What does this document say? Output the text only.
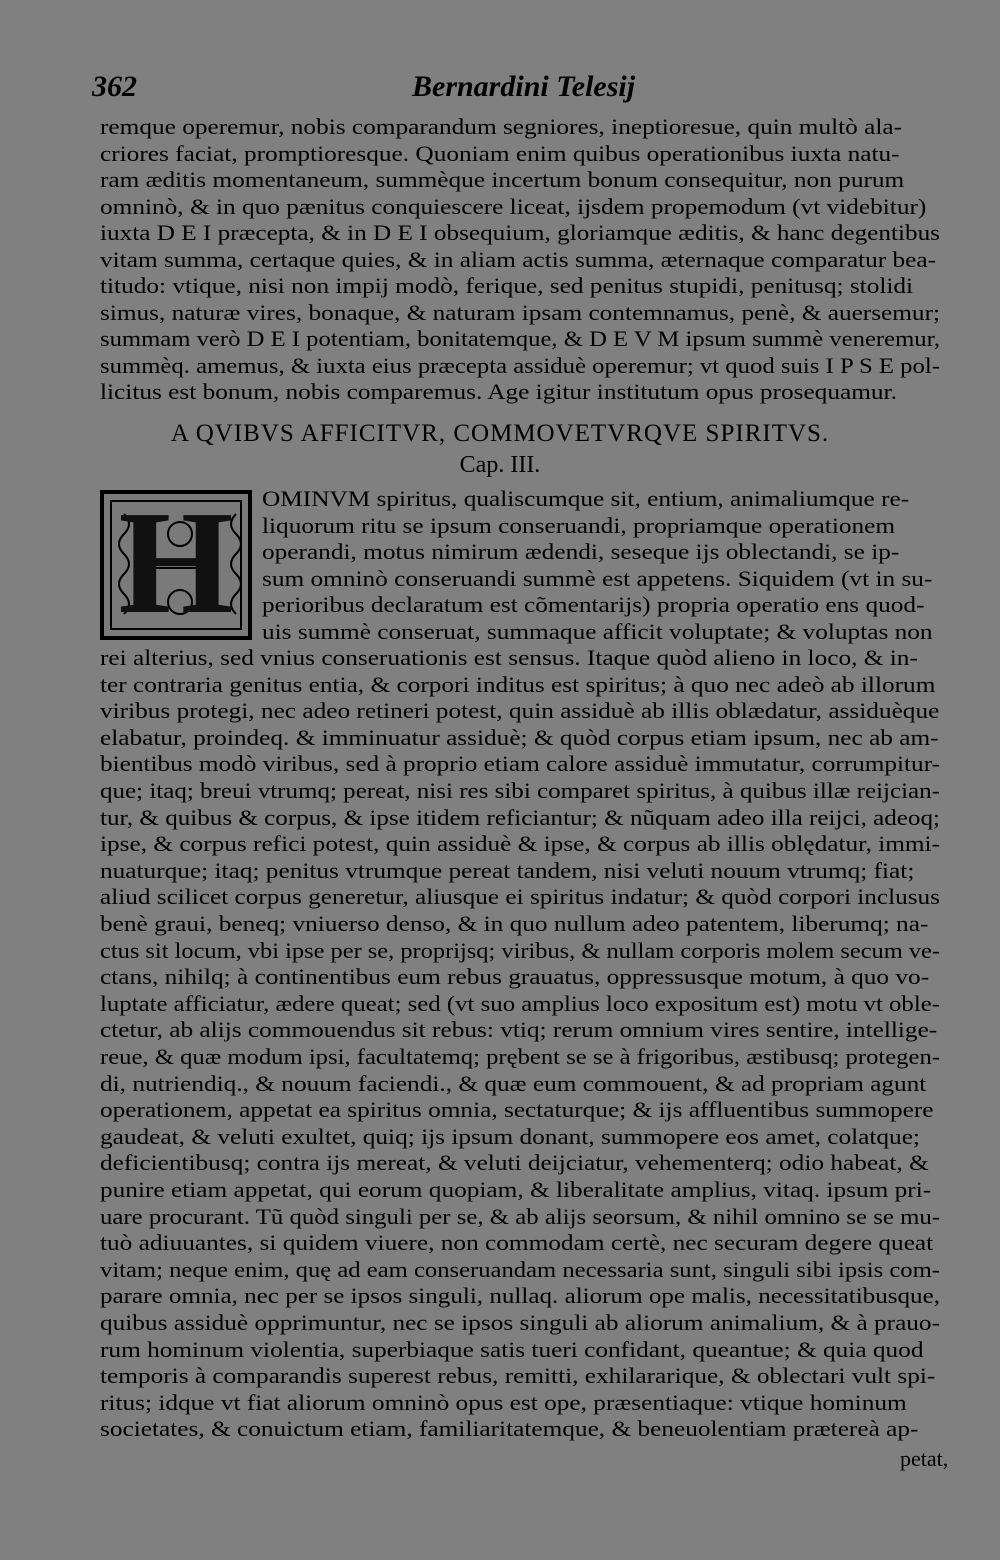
362	Bernardini Telesij
remque operemur, nobis comparandum segniores, ineptioresue, quin multò ala-
criores faciat, promptioresque. Quoniam enim quibus operationibus iuxta natu-
ram æditis momentaneum, summèque incertum bonum consequitur, non purum
omninò, & in quo pænitus conquiescere liceat, ijsdem propemodum (vt videbitur)
iuxta D E I præcepta, & in D E I obsequium, gloriamque æditis, & hanc degentibus
vitam summa, certaque quies, & in aliam actis summa, æternaque comparatur bea-
titudo: vtique, nisi non impij modò, ferique, sed penitus stupidi, penitusq; stolidi
simus, naturæ vires, bonaque, & naturam ipsam contemnamus, penè, & auersemur;
summam verò D E I potentiam, bonitatemque, & D E V M ipsum summè veneremur,
summèq. amemus, & iuxta eius præcepta assiduè operemur; vt quod suis I P S E pol-
licitus est bonum, nobis comparemus. Age igitur institutum opus prosequamur.
A QVIBVS AFFICITVR, COMMOVETVRQVE SPIRITVS.
Cap. III.
H	OMINVM spiritus, qualiscumque sit, entium, animaliumque re-
liquorum ritu se ipsum conseruandi, propriamque operationem
operandi, motus nimirum ædendi, seseque ijs oblectandi, se ip-
sum omninò conseruandi summè est appetens. Siquidem (vt in su-
perioribus declaratum est cõmentarijs) propria operatio ens quod-
uis summè conseruat, summaque afficit voluptate; & voluptas non
rei alterius, sed vnius conseruationis est sensus. Itaque quòd alieno in loco, & in-
ter contraria genitus entia, & corpori inditus est spiritus; à quo nec adeò ab illorum
viribus protegi, nec adeo retineri potest, quin assiduè ab illis oblædatur, assiduèque
elabatur, proindeq. & imminuatur assiduè; & quòd corpus etiam ipsum, nec ab am-
bientibus modò viribus, sed à proprio etiam calore assiduè immutatur, corrumpitur-
que; itaq; breui vtrumq; pereat, nisi res sibi comparet spiritus, à quibus illæ reijcian-
tur, & quibus & corpus, & ipse itidem reficiantur; & nũquam adeo illa reijci, adeoq;
ipse, & corpus refici potest, quin assiduè & ipse, & corpus ab illis oblędatur, immi-
nuaturque; itaq; penitus vtrumque pereat tandem, nisi veluti nouum vtrumq; fiat;
aliud scilicet corpus generetur, aliusque ei spiritus indatur; & quòd corpori inclusus
benè graui, beneq; vniuerso denso, & in quo nullum adeo patentem, liberumq; na-
ctus sit locum, vbi ipse per se, proprijsq; viribus, & nullam corporis molem secum ve-
ctans, nihilq; à continentibus eum rebus grauatus, oppressusque motum, à quo vo-
luptate afficiatur, ædere queat; sed (vt suo amplius loco expositum est) motu vt oble-
ctetur, ab alijs commouendus sit rebus: vtiq; rerum omnium vires sentire, intellige-
reue, & quæ modum ipsi, facultatemq; prębent se se à frigoribus, æstibusq; protegen-
di, nutriendiq., & nouum faciendi., & quæ eum commouent, & ad propriam agunt
operationem, appetat ea spiritus omnia, sectaturque; & ijs affluentibus summopere
gaudeat, & veluti exultet, quiq; ijs ipsum donant, summopere eos amet, colatque;
deficientibusq; contra ijs mereat, & veluti deijciatur, vehementerq; odio habeat, &
punire etiam appetat, qui eorum quopiam, & liberalitate amplius, vitaq. ipsum pri-
uare procurant. Tũ quòd singuli per se, & ab alijs seorsum, & nihil omnino se se mu-
tuò adiuuantes, si quidem viuere, non commodam certè, nec securam degere queat
vitam; neque enim, quę ad eam conseruandam necessaria sunt, singuli sibi ipsis com-
parare omnia, nec per se ipsos singuli, nullaq. aliorum ope malis, necessitatibusque,
quibus assiduè opprimuntur, nec se ipsos singuli ab aliorum animalium, & à prauo-
rum hominum violentia, superbiaque satis tueri confidant, queantue; & quia quod
temporis à comparandis superest rebus, remitti, exhilararique, & oblectari vult spi-
ritus; idque vt fiat aliorum omninò opus est ope, præsentiaque: vtique hominum
societates, & conuictum etiam, familiaritatemque, & beneuolentiam prætereà ap-
petat,
